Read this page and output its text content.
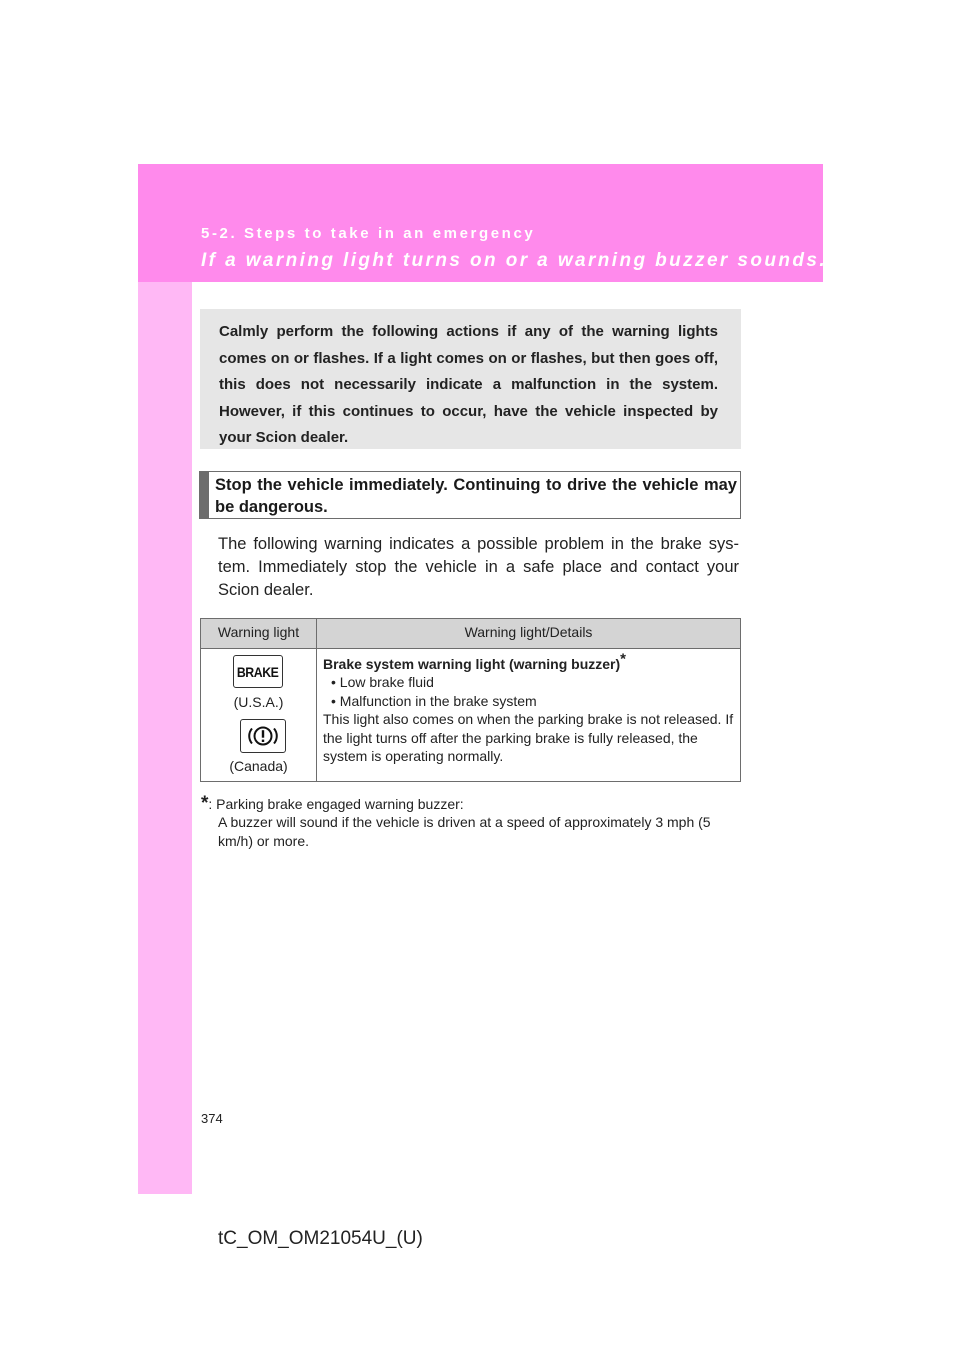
5-2. Steps to take in an emergency
If a warning light turns on or a warning buzzer sounds...
Calmly perform the following actions if any of the warning lights comes on or flashes. If a light comes on or flashes, but then goes off, this does not necessarily indicate a malfunction in the system. However, if this continues to occur, have the vehicle inspected by your Scion dealer.
Stop the vehicle immediately. Continuing to drive the vehicle may be dangerous.
The following warning indicates a possible problem in the brake sys-tem. Immediately stop the vehicle in a safe place and contact your Scion dealer.
Warning light	Warning light/Details
BRAKE
(U.S.A.)
(Canada)
Brake system warning light (warning buzzer)*
• Low brake fluid
• Malfunction in the brake system
This light also comes on when the parking brake is not released. If the light turns off after the parking brake is fully released, the system is operating normally.
*: Parking brake engaged warning buzzer:
A buzzer will sound if the vehicle is driven at a speed of approximately 3 mph (5 km/h) or more.
374
tC_OM_OM21054U_(U)
